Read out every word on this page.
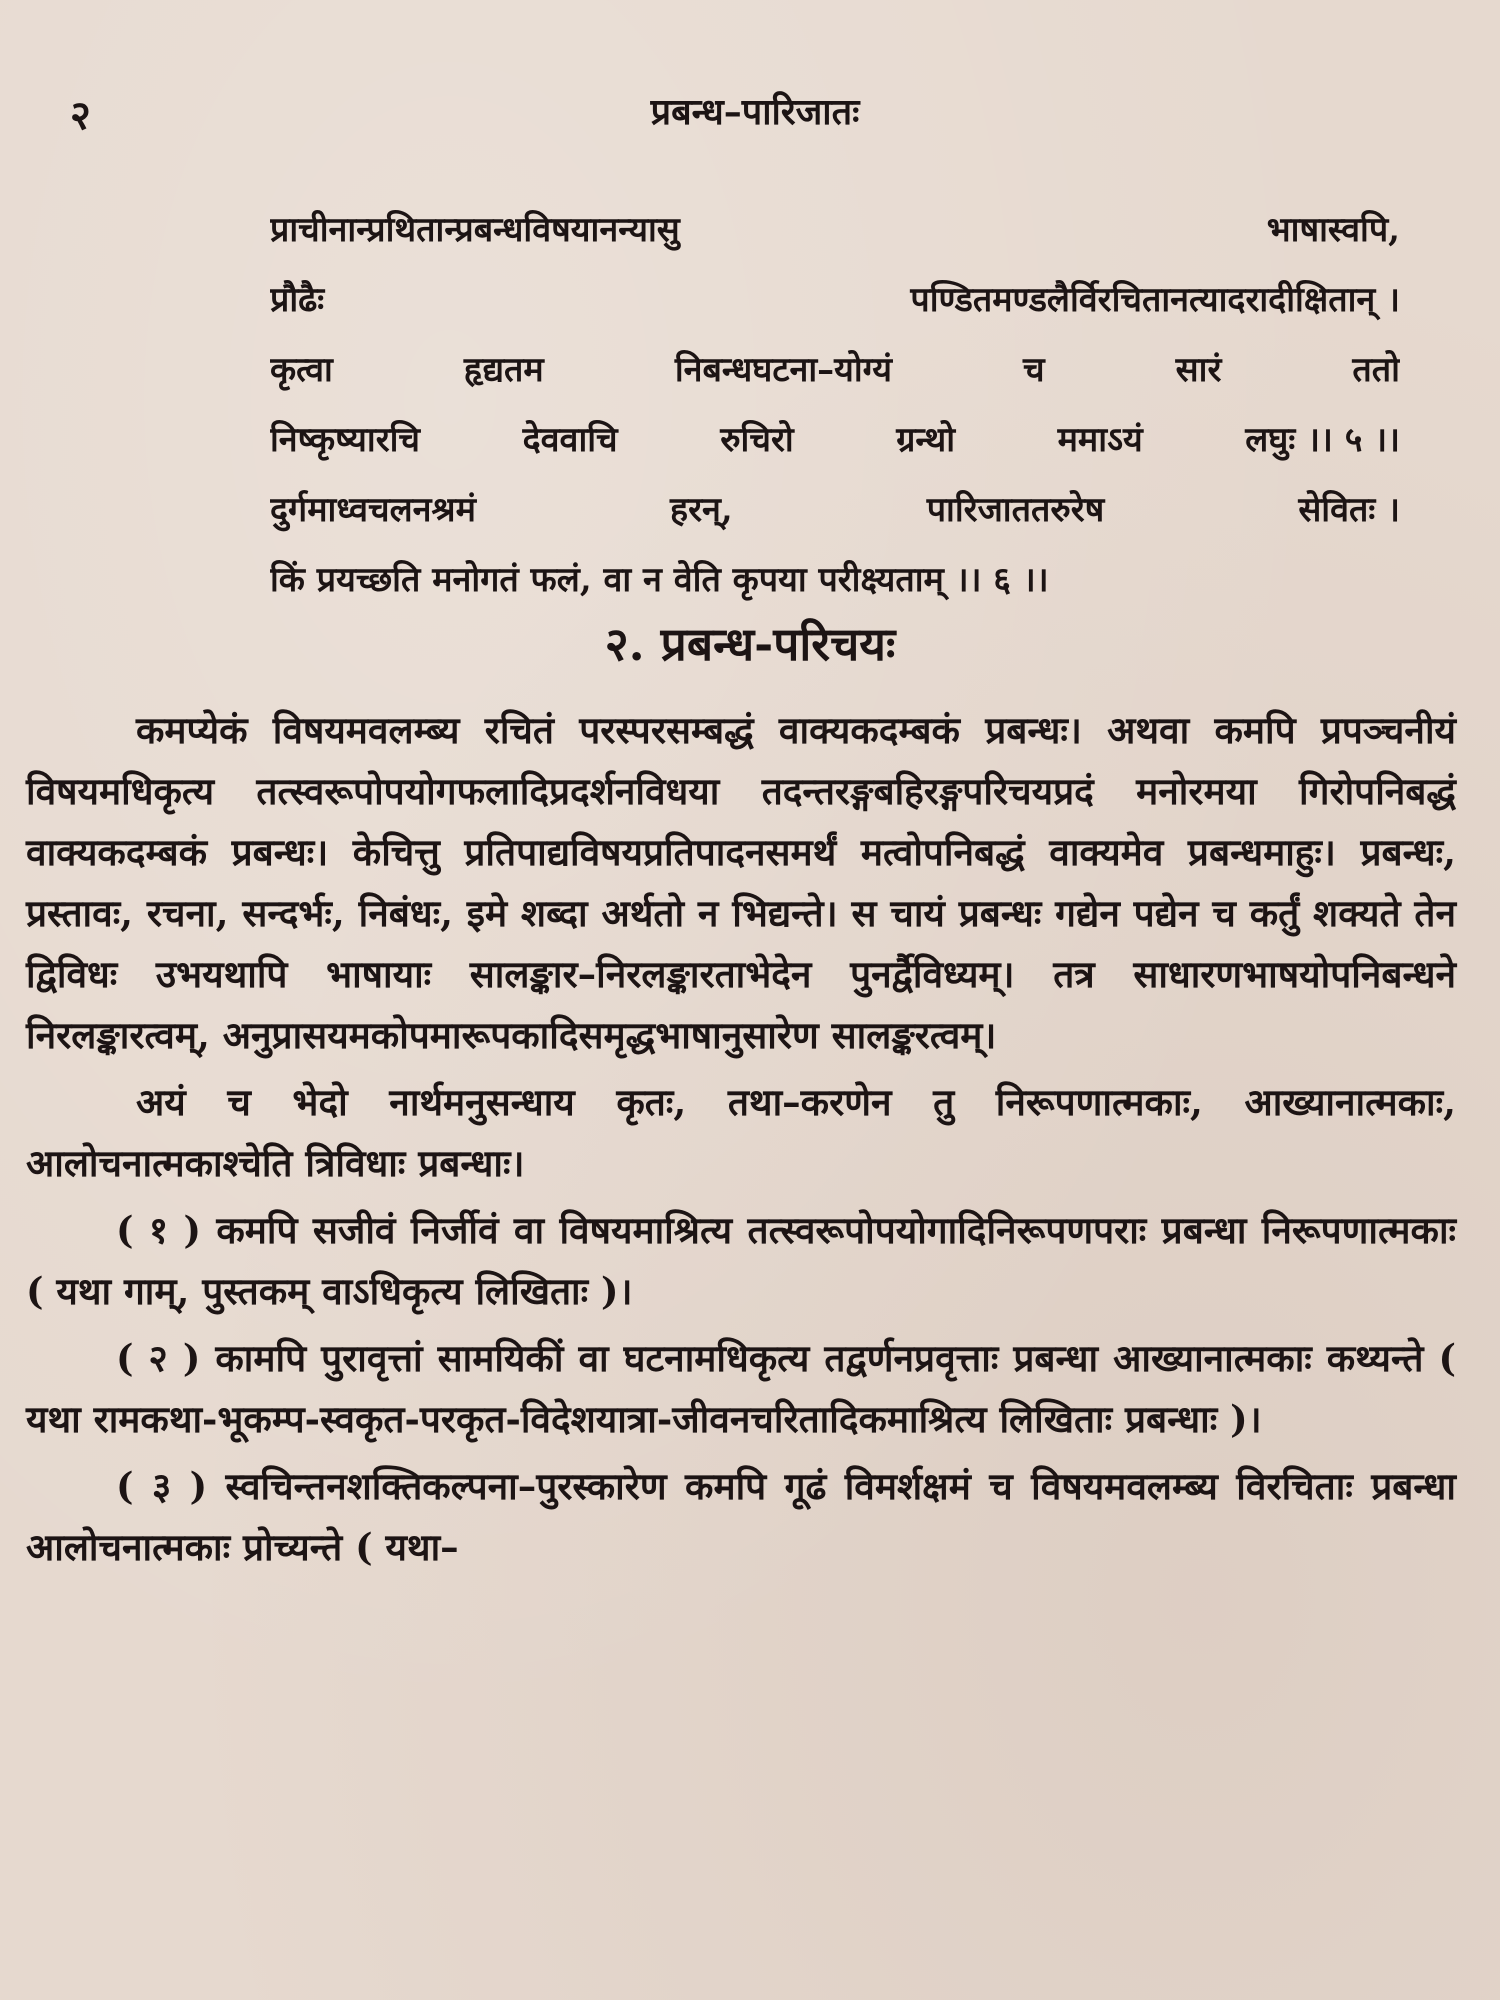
२	प्रबन्ध–पारिजातः
प्राचीनान्प्रथितान्प्रबन्धविषयानन्यासु	भाषास्वपि,
प्रौढैः	पण्डितमण्डलैर्विरचितानत्यादरादीक्षितान् ।
कृत्वा	हृद्यतम	निबन्धघटना–योग्यं	च	सारं	ततो
निष्कृष्यारचि	देववाचि	रुचिरो	ग्रन्थो	ममाऽयं	लघुः ।। ५ ।।
दुर्गमाध्वचलनश्रमं	हरन्,	पारिजाततरुरेष	सेवितः ।
किं प्रयच्छति मनोगतं फलं, वा न वेति कृपया परीक्ष्यताम् ।। ६ ।।
२. प्रबन्ध-परिचयः

कमप्येकं विषयमवलम्ब्य रचितं परस्परसम्बद्धं वाक्यकदम्बकं प्रबन्धः। अथवा कमपि प्रपञ्चनीयं विषयमधिकृत्य तत्स्वरूपोपयोगफलादिप्रदर्शनविधया तदन्तरङ्गबहिरङ्गपरिचयप्रदं मनोरमया गिरोपनिबद्धं वाक्यकदम्बकं प्रबन्धः। केचित्तु प्रतिपाद्यविषयप्रतिपादनसमर्थं मत्वोपनिबद्धं वाक्यमेव प्रबन्धमाहुः। प्रबन्धः, प्रस्तावः, रचना, सन्दर्भः, निबंधः, इमे शब्दा अर्थतो न भिद्यन्ते। स चायं प्रबन्धः गद्येन पद्येन च कर्तुं शक्यते तेन द्विविधः उभयथापि भाषायाः सालङ्कार–निरलङ्कारताभेदेन पुनर्द्वैविध्यम्। तत्र साधारणभाषयोपनिबन्धने निरलङ्कारत्वम्, अनुप्रासयमकोपमारूपकादिसमृद्धभाषानुसारेण सालङ्करत्वम्।

अयं च भेदो नार्थमनुसन्धाय कृतः, तथा–करणेन तु निरूपणात्मकाः, आख्यानात्मकाः, आलोचनात्मकाश्चेति त्रिविधाः प्रबन्धाः।

( १ ) कमपि सजीवं निर्जीवं वा विषयमाश्रित्य तत्स्वरूपोपयोगादिनिरूपणपराः प्रबन्धा निरूपणात्मकाः ( यथा गाम्, पुस्तकम् वाऽधिकृत्य लिखिताः )।

( २ ) कामपि पुरावृत्तां सामयिकीं वा घटनामधिकृत्य तद्वर्णनप्रवृत्ताः प्रबन्धा आख्यानात्मकाः कथ्यन्ते ( यथा रामकथा-भूकम्प-स्वकृत-परकृत-विदेशयात्रा-जीवनचरितादिकमाश्रित्य लिखिताः प्रबन्धाः )।

( ३ ) स्वचिन्तनशक्तिकल्पना–पुरस्कारेण कमपि गूढं विमर्शक्षमं च विषयमवलम्ब्य विरचिताः प्रबन्धा आलोचनात्मकाः प्रोच्यन्ते ( यथा–
